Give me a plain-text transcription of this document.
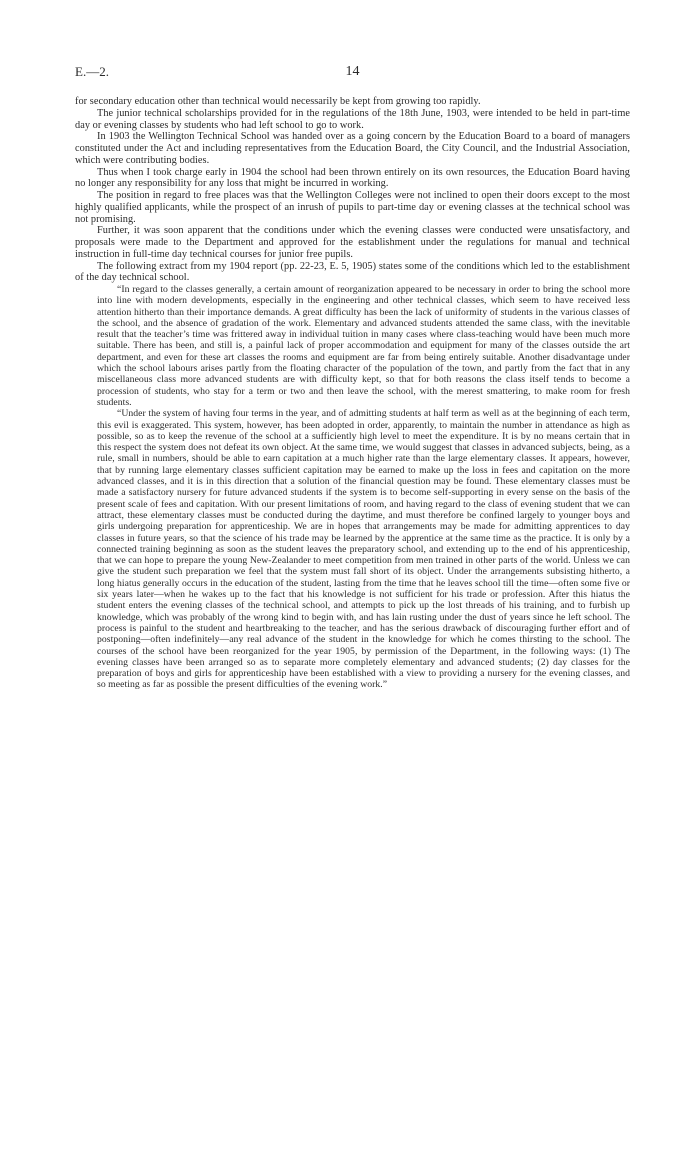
E.—2.	14

for secondary education other than technical would necessarily be kept from growing too rapidly.

The junior technical scholarships provided for in the regulations of the 18th June, 1903, were intended to be held in part-time day or evening classes by students who had left school to go to work.

In 1903 the Wellington Technical School was handed over as a going concern by the Education Board to a board of managers constituted under the Act and including representatives from the Education Board, the City Council, and the Industrial Association, which were contributing bodies.

Thus when I took charge early in 1904 the school had been thrown entirely on its own resources, the Education Board having no longer any responsibility for any loss that might be incurred in working.

The position in regard to free places was that the Wellington Colleges were not inclined to open their doors except to the most highly qualified applicants, while the prospect of an inrush of pupils to part-time day or evening classes at the technical school was not promising.

Further, it was soon apparent that the conditions under which the evening classes were conducted were unsatisfactory, and proposals were made to the Department and approved for the establishment under the regulations for manual and technical instruction in full-time day technical courses for junior free pupils.

The following extract from my 1904 report (pp. 22-23, E. 5, 1905) states some of the conditions which led to the establishment of the day technical school.

“In regard to the classes generally, a certain amount of reorganization appeared to be necessary in order to bring the school more into line with modern developments, especially in the engineering and other technical classes, which seem to have received less attention hitherto than their importance demands. A great difficulty has been the lack of uniformity of students in the various classes of the school, and the absence of gradation of the work. Elementary and advanced students attended the same class, with the inevitable result that the teacher’s time was frittered away in individual tuition in many cases where class-teaching would have been much more suitable. There has been, and still is, a painful lack of proper accommodation and equipment for many of the classes outside the art department, and even for these art classes the rooms and equipment are far from being entirely suitable. Another disadvantage under which the school labours arises partly from the floating character of the population of the town, and partly from the fact that in any miscellaneous class more advanced students are with difficulty kept, so that for both reasons the class itself tends to become a procession of students, who stay for a term or two and then leave the school, with the merest smattering, to make room for fresh students.

“Under the system of having four terms in the year, and of admitting students at half term as well as at the beginning of each term, this evil is exaggerated. This system, however, has been adopted in order, apparently, to maintain the number in attendance as high as possible, so as to keep the revenue of the school at a sufficiently high level to meet the expenditure. It is by no means certain that in this respect the system does not defeat its own object. At the same time, we would suggest that classes in advanced subjects, being, as a rule, small in numbers, should be able to earn capitation at a much higher rate than the large elementary classes. It appears, however, that by running large elementary classes sufficient capitation may be earned to make up the loss in fees and capitation on the more advanced classes, and it is in this direction that a solution of the financial question may be found. These elementary classes must be made a satisfactory nursery for future advanced students if the system is to become self-supporting in every sense on the basis of the present scale of fees and capitation. With our present limitations of room, and having regard to the class of evening student that we can attract, these elementary classes must be conducted during the daytime, and must therefore be confined largely to younger boys and girls undergoing preparation for apprenticeship. We are in hopes that arrangements may be made for admitting apprentices to day classes in future years, so that the science of his trade may be learned by the apprentice at the same time as the practice. It is only by a connected training beginning as soon as the student leaves the preparatory school, and extending up to the end of his apprenticeship, that we can hope to prepare the young New-Zealander to meet competition from men trained in other parts of the world. Unless we can give the student such preparation we feel that the system must fall short of its object. Under the arrangements subsisting hitherto, a long hiatus generally occurs in the education of the student, lasting from the time that he leaves school till the time—often some five or six years later—when he wakes up to the fact that his knowledge is not sufficient for his trade or profession. After this hiatus the student enters the evening classes of the technical school, and attempts to pick up the lost threads of his training, and to furbish up knowledge, which was probably of the wrong kind to begin with, and has lain rusting under the dust of years since he left school. The process is painful to the student and heartbreaking to the teacher, and has the serious drawback of discouraging further effort and of postponing—often indefinitely—any real advance of the student in the knowledge for which he comes thirsting to the school. The courses of the school have been reorganized for the year 1905, by permission of the Department, in the following ways: (1) The evening classes have been arranged so as to separate more completely elementary and advanced students; (2) day classes for the preparation of boys and girls for apprenticeship have been established with a view to providing a nursery for the evening classes, and so meeting as far as possible the present difficulties of the evening work.”
